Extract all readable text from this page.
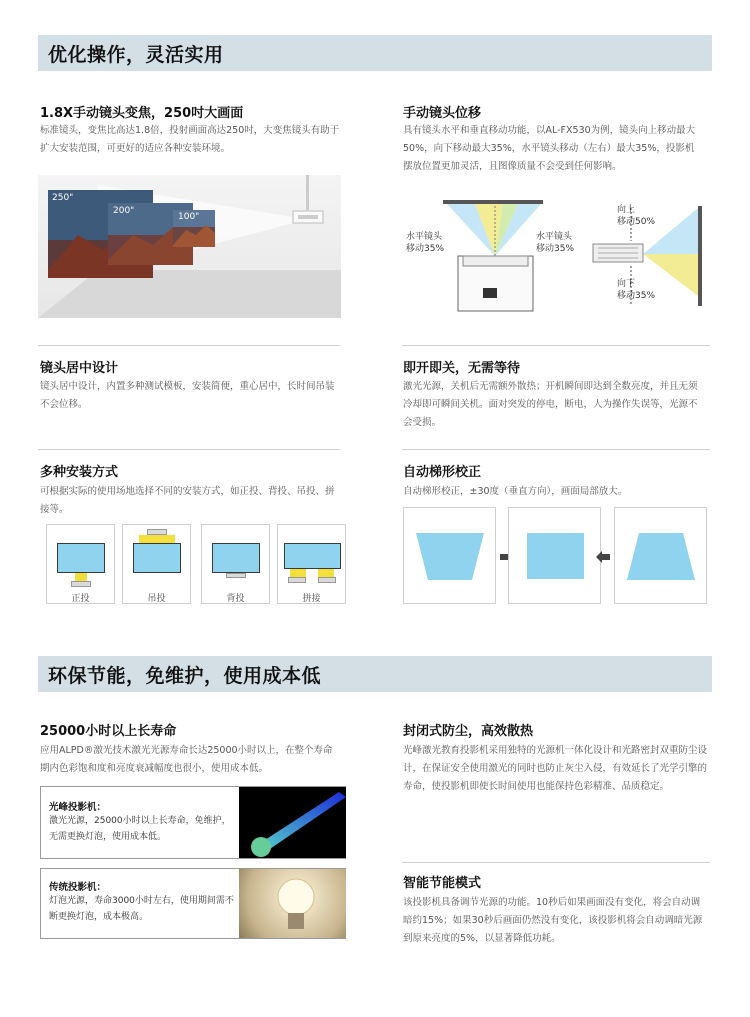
优化操作，灵活实用
1.8X手动镜头变焦，250吋大画面
标准镜头，变焦比高达1.8倍，投射画面高达250吋，大变焦镜头有助于扩大安装范围，可更好的适应各种安装环境。
250"
200"
100"
手动镜头位移
具有镜头水平和垂直移动功能，以AL-FX530为例，镜头向上移动最大50%，向下移动最大35%，水平镜头移动（左右）最大35%，投影机摆放位置更加灵活，且图像质量不会受到任何影响。
水平镜头
移动35%
水平镜头
移动35%
向上
移动50%
向下
移动35%
镜头居中设计
镜头居中设计，内置多种测试模板，安装简便，重心居中，长时间吊装不会位移。
即开即关，无需等待
激光光源，关机后无需额外散热；开机瞬间即达到全数亮度，并且无须冷却即可瞬间关机。面对突发的停电，断电，人为操作失误等，光源不会受损。
多种安装方式
可根据实际的使用场地选择不同的安装方式，如正投、背投、吊投、拼接等。
正投	吊投	背投	拼接
自动梯形校正
自动梯形校正，±30度（垂直方向），画面局部放大。
环保节能，免维护，使用成本低
25000小时以上长寿命
应用ALPD®激光技术激光光源寿命长达25000小时以上，在整个寿命期内色彩饱和度和亮度衰减幅度也很小，使用成本低。
光峰投影机：
激光光源，25000小时以上长寿命，免维护，无需更换灯泡，使用成本低。
传统投影机：
灯泡光源，寿命3000小时左右，使用期间需不断更换灯泡，成本极高。
封闭式防尘，高效散热
光峰激光教育投影机采用独特的光源机一体化设计和光路密封双重防尘设计，在保证安全使用激光的同时也防止灰尘入侵，有效延长了光学引擎的寿命，使投影机即使长时间使用也能保持色彩精准、品质稳定。
智能节能模式
该投影机具备调节光源的功能。10秒后如果画面没有变化，将会自动调暗约15%；如果30秒后画面仍然没有变化，该投影机将会自动调暗光源到原来亮度的5%，以显著降低功耗。
